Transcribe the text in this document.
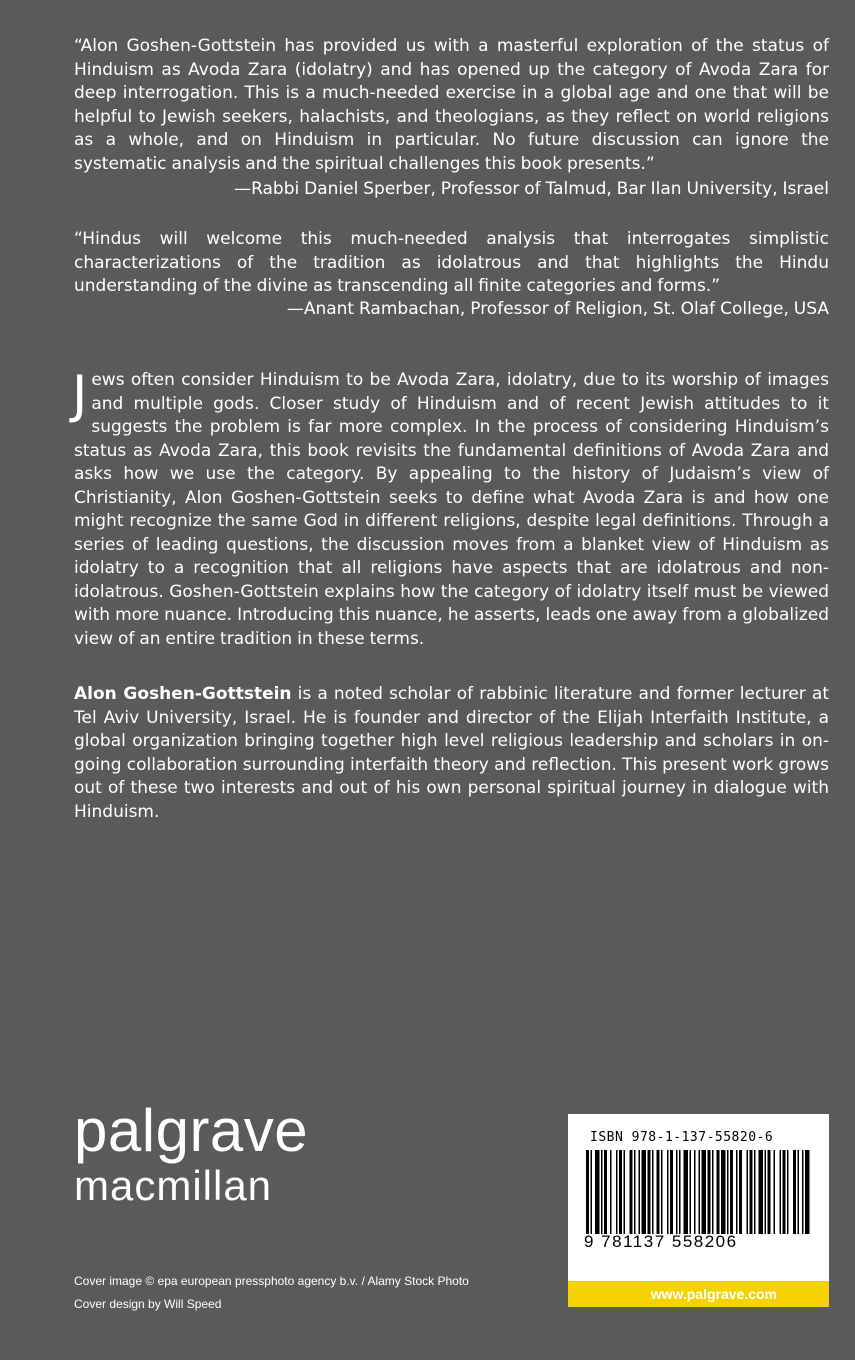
“Alon Goshen-Gottstein has provided us with a masterful exploration of the status of Hinduism as Avoda Zara (idolatry) and has opened up the category of Avoda Zara for deep interrogation. This is a much-needed exercise in a global age and one that will be helpful to Jewish seekers, halachists, and theologians, as they reflect on world religions as a whole, and on Hinduism in particular. No future discussion can ignore the systematic analysis and the spiritual challenges this book presents.”

—Rabbi Daniel Sperber, Professor of Talmud, Bar Ilan University, Israel

“Hindus will welcome this much-needed analysis that interrogates simplistic characterizations of the tradition as idolatrous and that highlights the Hindu understanding of the divine as transcending all finite categories and forms.”

—Anant Rambachan, Professor of Religion, St. Olaf College, USA

Jews often consider Hinduism to be Avoda Zara, idolatry, due to its worship of images and multiple gods. Closer study of Hinduism and of recent Jewish attitudes to it suggests the problem is far more complex. In the process of considering Hinduism’s status as Avoda Zara, this book revisits the fundamental definitions of Avoda Zara and asks how we use the category. By appealing to the history of Judaism’s view of Christianity, Alon Goshen-Gottstein seeks to define what Avoda Zara is and how one might recognize the same God in different religions, despite legal definitions. Through a series of leading questions, the discussion moves from a blanket view of Hinduism as idolatry to a recognition that all religions have aspects that are idolatrous and non-idolatrous. Goshen-Gottstein explains how the category of idolatry itself must be viewed with more nuance. Introducing this nuance, he asserts, leads one away from a globalized view of an entire tradition in these terms.
Alon Goshen-Gottstein is a noted scholar of rabbinic literature and former lecturer at Tel Aviv University, Israel. He is founder and director of the Elijah Interfaith Institute, a global organization bringing together high level religious leadership and scholars in on-going collaboration surrounding interfaith theory and reflection. This present work grows out of these two interests and out of his own personal spiritual journey in dialogue with Hinduism.
palgrave
macmillan
Cover image © epa european pressphoto agency b.v. / Alamy Stock Photo
Cover design by Will Speed
ISBN 978-1-137-55820-6
9 781137 558206
www.palgrave.com
